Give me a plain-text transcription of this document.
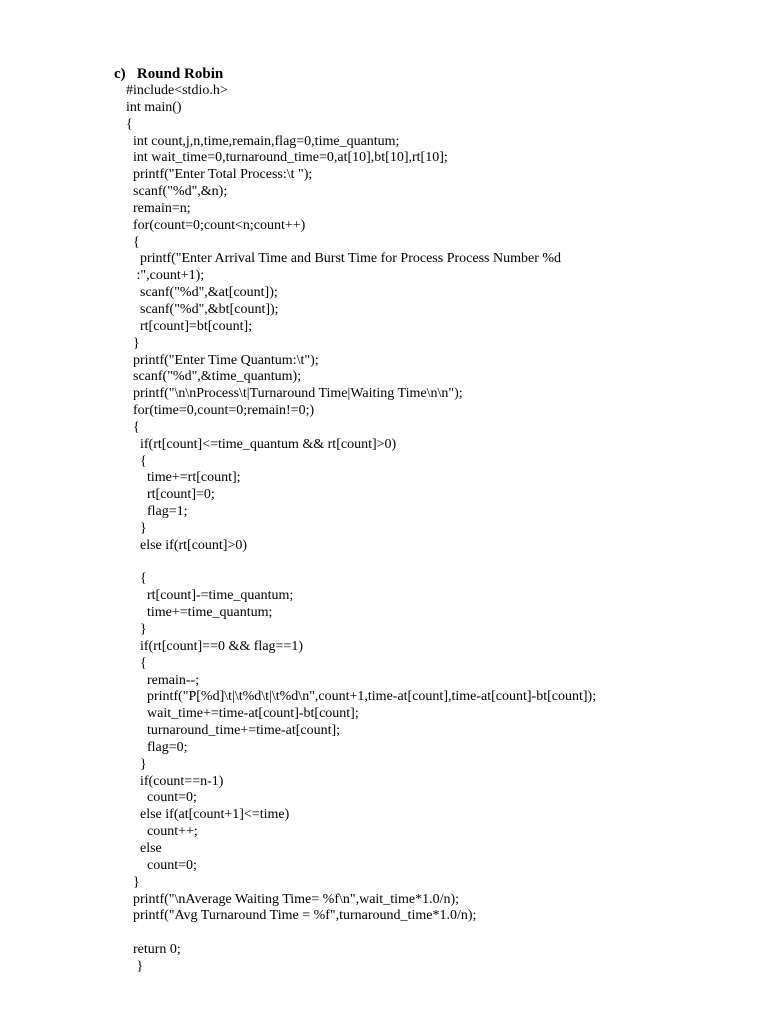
c) Round Robin
#include<stdio.h>
int main()
{
int count,j,n,time,remain,flag=0,time_quantum;
int wait_time=0,turnaround_time=0,at[10],bt[10],rt[10];
printf("Enter Total Process:\t ");
scanf("%d",&n);
remain=n;
for(count=0;count<n;count++)
{
printf("Enter Arrival Time and Burst Time for Process Process Number %d
:",count+1);
scanf("%d",&at[count]);
scanf("%d",&bt[count]);
rt[count]=bt[count];
}
printf("Enter Time Quantum:\t");
scanf("%d",&time_quantum);
printf("\n\nProcess\t|Turnaround Time|Waiting Time\n\n");
for(time=0,count=0;remain!=0;)
{
if(rt[count]<=time_quantum && rt[count]>0)
{
time+=rt[count];
rt[count]=0;
flag=1;
}
else if(rt[count]>0)
{
rt[count]-=time_quantum;
time+=time_quantum;
}
if(rt[count]==0 && flag==1)
{
remain--;
printf("P[%d]\t|\t%d\t|\t%d\n",count+1,time-at[count],time-at[count]-bt[count]);
wait_time+=time-at[count]-bt[count];
turnaround_time+=time-at[count];
flag=0;
}
if(count==n-1)
count=0;
else if(at[count+1]<=time)
count++;
else
count=0;
}
printf("\nAverage Waiting Time= %f\n",wait_time*1.0/n);
printf("Avg Turnaround Time = %f",turnaround_time*1.0/n);
return 0;
}
